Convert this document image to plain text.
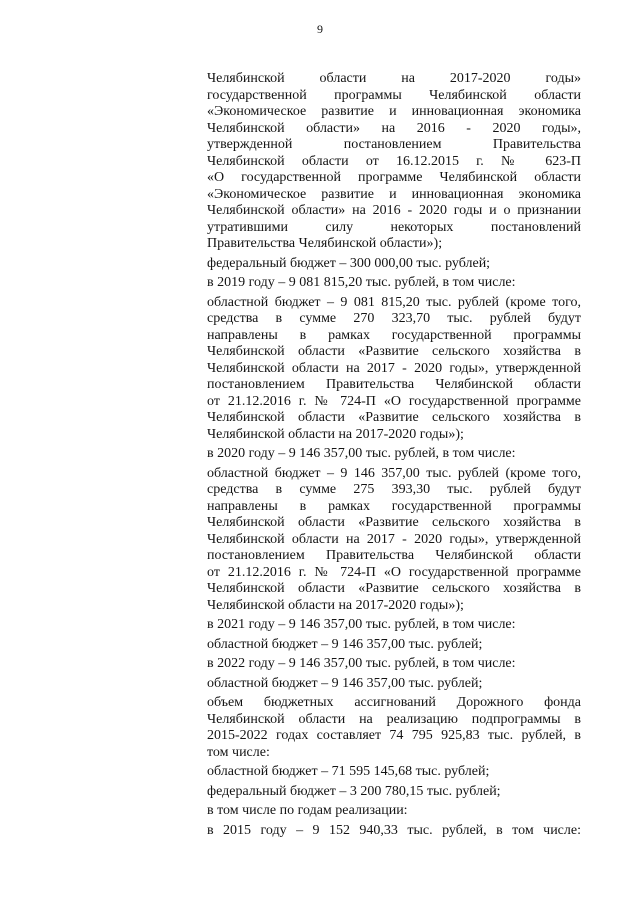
9
Челябинской области на 2017-2020 годы»
государственной программы Челябинской области
«Экономическое развитие и инновационная экономика
Челябинской области» на 2016 - 2020 годы»,
утвержденной постановлением Правительства
Челябинской области от 16.12.2015 г. № 623-П
«О государственной программе Челябинской области
«Экономическое развитие и инновационная экономика
Челябинской области» на 2016 - 2020 годы и о признании
утратившими силу некоторых постановлений
Правительства Челябинской области»);
федеральный бюджет – 300 000,00 тыс. рублей;
в 2019 году – 9 081 815,20 тыс. рублей, в том числе:
областной бюджет – 9 081 815,20 тыс. рублей (кроме того,
средства в сумме 270 323,70 тыс. рублей будут
направлены в рамках государственной программы
Челябинской области «Развитие сельского хозяйства в
Челябинской области на 2017 - 2020 годы», утвержденной
постановлением Правительства Челябинской области
от 21.12.2016 г. № 724-П «О государственной программе
Челябинской области «Развитие сельского хозяйства в
Челябинской области на 2017-2020 годы»);
в 2020 году – 9 146 357,00 тыс. рублей, в том числе:
областной бюджет – 9 146 357,00 тыс. рублей (кроме того,
средства в сумме 275 393,30 тыс. рублей будут
направлены в рамках государственной программы
Челябинской области «Развитие сельского хозяйства в
Челябинской области на 2017 - 2020 годы», утвержденной
постановлением Правительства Челябинской области
от 21.12.2016 г. № 724-П «О государственной программе
Челябинской области «Развитие сельского хозяйства в
Челябинской области на 2017-2020 годы»);
в 2021 году – 9 146 357,00 тыс. рублей, в том числе:
областной бюджет – 9 146 357,00 тыс. рублей;
в 2022 году – 9 146 357,00 тыс. рублей, в том числе:
областной бюджет – 9 146 357,00 тыс. рублей;
объем бюджетных ассигнований Дорожного фонда
Челябинской области на реализацию подпрограммы в
2015-2022 годах составляет 74 795 925,83 тыс. рублей, в
том числе:
областной бюджет – 71 595 145,68 тыс. рублей;
федеральный бюджет – 3 200 780,15 тыс. рублей;
в том числе по годам реализации:
в 2015 году – 9 152 940,33 тыс. рублей, в том числе:
